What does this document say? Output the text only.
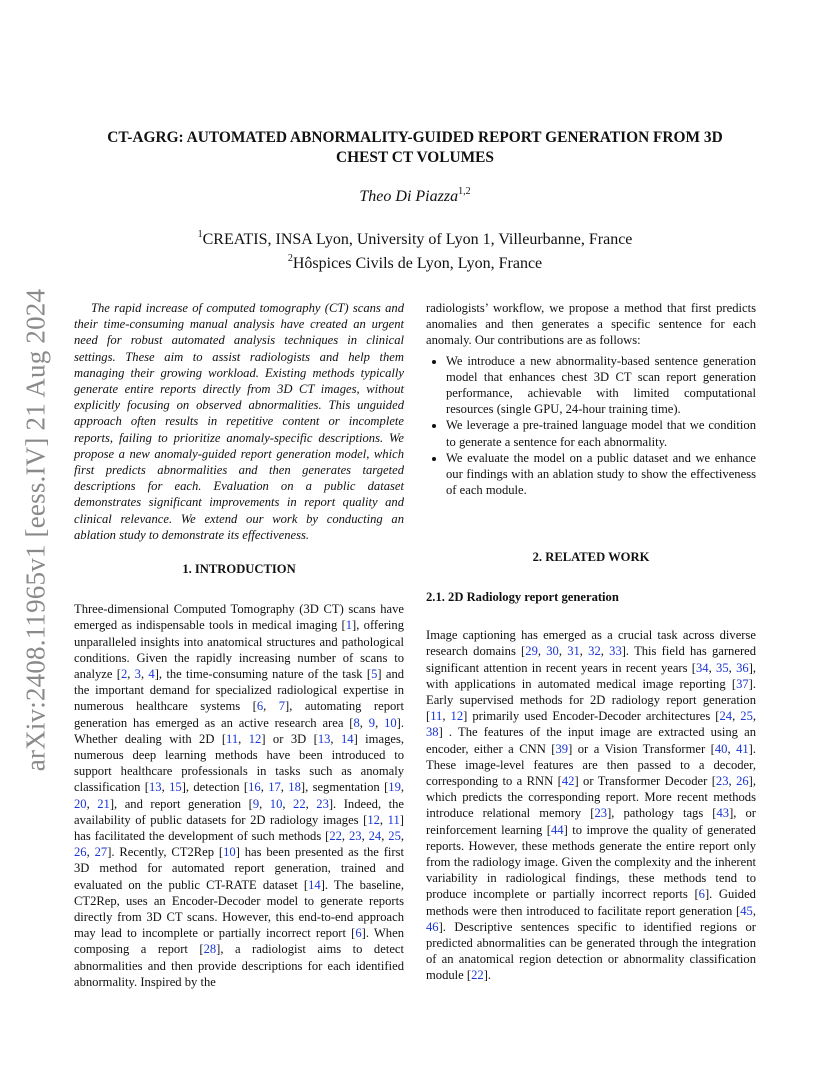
arXiv:2408.11965v1 [eess.IV] 21 Aug 2024
CT-AGRG: AUTOMATED ABNORMALITY-GUIDED REPORT GENERATION FROM 3D
CHEST CT VOLUMES
Theo Di Piazza$^{1,2}$
$^1$CREATIS, INSA Lyon, University of Lyon 1, Villeurbanne, France
$^2$Hôspices Civils de Lyon, Lyon, France
The rapid increase of computed tomography (CT) scans and their time-consuming manual analysis have created an urgent need for robust automated analysis techniques in clinical settings. These aim to assist radiologists and help them managing their growing workload. Existing methods typically generate entire reports directly from 3D CT images, without explicitly focusing on observed abnormalities. This unguided approach often results in repetitive content or incomplete reports, failing to prioritize anomaly-specific descriptions. We propose a new anomaly-guided report generation model, which first predicts abnormalities and then generates targeted descriptions for each. Evaluation on a public dataset demonstrates significant improvements in report quality and clinical relevance. We extend our work by conducting an ablation study to demonstrate its effectiveness.
1. INTRODUCTION

Three-dimensional Computed Tomography (3D CT) scans have emerged as indispensable tools in medical imaging [1], offering unparalleled insights into anatomical structures and pathological conditions. Given the rapidly increasing number of scans to analyze [2, 3, 4], the time-consuming nature of the task [5] and the important demand for specialized radiological expertise in numerous healthcare systems [6, 7], automating report generation has emerged as an active research area [8, 9, 10]. Whether dealing with 2D [11, 12] or 3D [13, 14] images, numerous deep learning methods have been introduced to support healthcare professionals in tasks such as anomaly classification [13, 15], detection [16, 17, 18], segmentation [19, 20, 21], and report generation [9, 10, 22, 23]. Indeed, the availability of public datasets for 2D radiology images [12, 11] has facilitated the development of such methods [22, 23, 24, 25, 26, 27]. Recently, CT2Rep [10] has been presented as the first 3D method for automated report generation, trained and evaluated on the public CT-RATE dataset [14]. The baseline, CT2Rep, uses an Encoder-Decoder model to generate reports directly from 3D CT scans. However, this end-to-end approach may lead to incomplete or partially incorrect report [6]. When composing a report [28], a radiologist aims to detect abnormalities and then provide descriptions for each identified abnormality. Inspired by the

radiologists’ workflow, we propose a method that first predicts anomalies and then generates a specific sentence for each anomaly. Our contributions are as follows:

• We introduce a new abnormality-based sentence generation model that enhances chest 3D CT scan report generation performance, achievable with limited computational resources (single GPU, 24-hour training time).
• We leverage a pre-trained language model that we condition to generate a sentence for each abnormality.
• We evaluate the model on a public dataset and we enhance our findings with an ablation study to show the effectiveness of each module.
2. RELATED WORK
2.1. 2D Radiology report generation

Image captioning has emerged as a crucial task across diverse research domains [29, 30, 31, 32, 33]. This field has garnered significant attention in recent years in recent years [34, 35, 36], with applications in automated medical image reporting [37]. Early supervised methods for 2D radiology report generation [11, 12] primarily used Encoder-Decoder architectures [24, 25, 38] . The features of the input image are extracted using an encoder, either a CNN [39] or a Vision Transformer [40, 41]. These image-level features are then passed to a decoder, corresponding to a RNN [42] or Transformer Decoder [23, 26], which predicts the corresponding report. More recent methods introduce relational memory [23], pathology tags [43], or reinforcement learning [44] to improve the quality of generated reports. However, these methods generate the entire report only from the radiology image. Given the complexity and the inherent variability in radiological findings, these methods tend to produce incomplete or partially incorrect reports [6]. Guided methods were then introduced to facilitate report generation [45, 46]. Descriptive sentences specific to identified regions or predicted abnormalities can be generated through the integration of an anatomical region detection or abnormality classification module [22].
